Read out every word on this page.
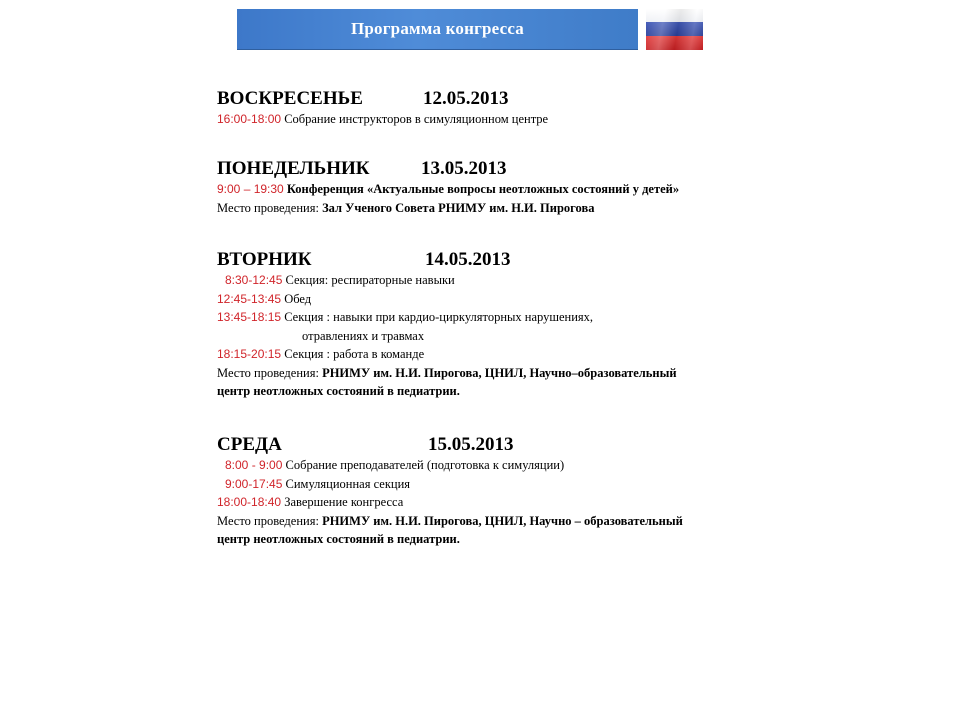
Программа конгресса
ВОСКРЕСЕНЬЕ	12.05.2013
16:00-18:00 Собрание инструкторов в симуляционном центре
ПОНЕДЕЛЬНИК	13.05.2013
9:00 – 19:30 Конференция «Актуальные вопросы неотложных состояний у детей»
Место проведения: Зал Ученого Совета РНИМУ им. Н.И. Пирогова
ВТОРНИК	14.05.2013
8:30-12:45 Секция: респираторные навыки
12:45-13:45 Обед
13:45-18:15 Секция : навыки при кардио-циркуляторных нарушениях,
отравлениях и травмах
18:15-20:15 Секция : работа в команде
Место проведения: РНИМУ им. Н.И. Пирогова, ЦНИЛ, Научно–образовательный
центр неотложных состояний в педиатрии.
СРЕДА	15.05.2013
8:00 - 9:00 Собрание преподавателей (подготовка к симуляции)
9:00-17:45 Симуляционная секция
18:00-18:40 Завершение конгресса
Место проведения: РНИМУ им. Н.И. Пирогова, ЦНИЛ, Научно – образовательный
центр неотложных состояний в педиатрии.
